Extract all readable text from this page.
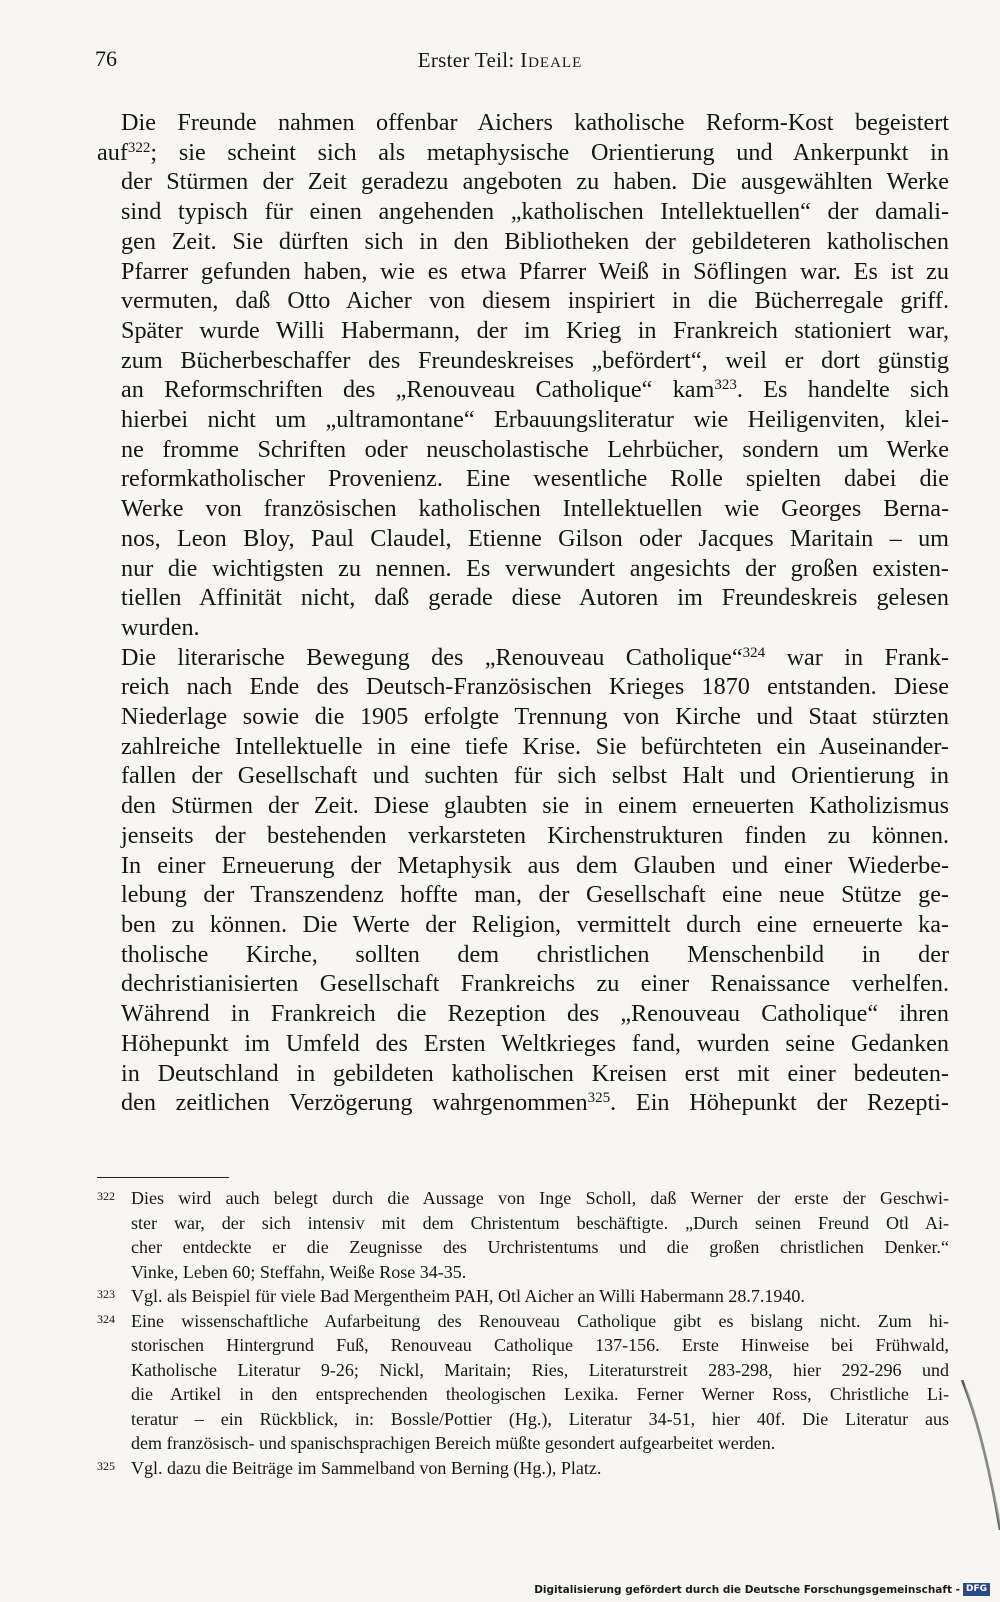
76	Erster Teil: Ideale

Die Freunde nahmen offenbar Aichers katholische Reform-Kost begeistert
auf$^{322}$; sie scheint sich als metaphysische Orientierung und Ankerpunkt in
der Stürmen der Zeit geradezu angeboten zu haben. Die ausgewählten Werke
sind typisch für einen angehenden „katholischen Intellektuellen“ der damali-
gen Zeit. Sie dürften sich in den Bibliotheken der gebildeteren katholischen
Pfarrer gefunden haben, wie es etwa Pfarrer Weiß in Söflingen war. Es ist zu
vermuten, daß Otto Aicher von diesem inspiriert in die Bücherregale griff.
Später wurde Willi Habermann, der im Krieg in Frankreich stationiert war,
zum Bücherbeschaffer des Freundeskreises „befördert“, weil er dort günstig
an Reformschriften des „Renouveau Catholique“ kam$^{323}$. Es handelte sich
hierbei nicht um „ultramontane“ Erbauungsliteratur wie Heiligenviten, klei-
ne fromme Schriften oder neuscholastische Lehrbücher, sondern um Werke
reformkatholischer Provenienz. Eine wesentliche Rolle spielten dabei die
Werke von französischen katholischen Intellektuellen wie Georges Berna-
nos, Leon Bloy, Paul Claudel, Etienne Gilson oder Jacques Maritain – um
nur die wichtigsten zu nennen. Es verwundert angesichts der großen existen-
tiellen Affinität nicht, daß gerade diese Autoren im Freundeskreis gelesen
wurden.

Die literarische Bewegung des „Renouveau Catholique“$^{324}$ war in Frank-
reich nach Ende des Deutsch-Französischen Krieges 1870 entstanden. Diese
Niederlage sowie die 1905 erfolgte Trennung von Kirche und Staat stürzten
zahlreiche Intellektuelle in eine tiefe Krise. Sie befürchteten ein Auseinander-
fallen der Gesellschaft und suchten für sich selbst Halt und Orientierung in
den Stürmen der Zeit. Diese glaubten sie in einem erneuerten Katholizismus
jenseits der bestehenden verkarsteten Kirchenstrukturen finden zu können.
In einer Erneuerung der Metaphysik aus dem Glauben und einer Wiederbe-
lebung der Transzendenz hoffte man, der Gesellschaft eine neue Stütze ge-
ben zu können. Die Werte der Religion, vermittelt durch eine erneuerte ka-
tholische Kirche, sollten dem christlichen Menschenbild in der
dechristianisierten Gesellschaft Frankreichs zu einer Renaissance verhelfen.
Während in Frankreich die Rezeption des „Renouveau Catholique“ ihren
Höhepunkt im Umfeld des Ersten Weltkrieges fand, wurden seine Gedanken
in Deutschland in gebildeten katholischen Kreisen erst mit einer bedeuten-
den zeitlichen Verzögerung wahrgenommen$^{325}$. Ein Höhepunkt der Rezepti-

322 Dies wird auch belegt durch die Aussage von Inge Scholl, daß Werner der erste der Geschwi-
ster war, der sich intensiv mit dem Christentum beschäftigte. „Durch seinen Freund Otl Ai-
cher entdeckte er die Zeugnisse des Urchristentums und die großen christlichen Denker.“
Vinke, Leben 60; Steffahn, Weiße Rose 34-35.
323 Vgl. als Beispiel für viele Bad Mergentheim PAH, Otl Aicher an Willi Habermann 28.7.1940.
324 Eine wissenschaftliche Aufarbeitung des Renouveau Catholique gibt es bislang nicht. Zum hi-
storischen Hintergrund Fuß, Renouveau Catholique 137-156. Erste Hinweise bei Frühwald,
Katholische Literatur 9-26; Nickl, Maritain; Ries, Literaturstreit 283-298, hier 292-296 und
die Artikel in den entsprechenden theologischen Lexika. Ferner Werner Ross, Christliche Li-
teratur – ein Rückblick, in: Bossle/Pottier (Hg.), Literatur 34-51, hier 40f. Die Literatur aus
dem französisch- und spanischsprachigen Bereich müßte gesondert aufgearbeitet werden.
325 Vgl. dazu die Beiträge im Sammelband von Berning (Hg.), Platz.
Digitalisierung gefördert durch die Deutsche Forschungsgemeinschaft - DFG
